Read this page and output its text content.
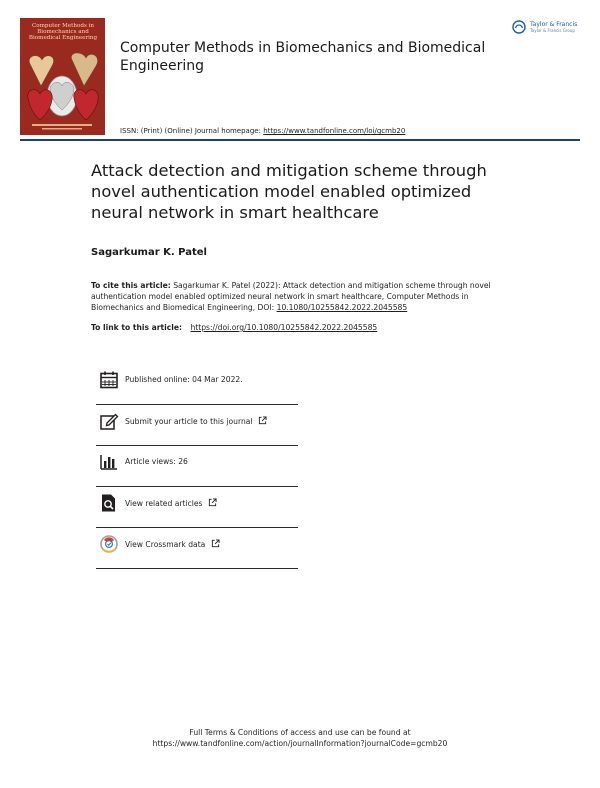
Computer Methods in Biomechanics and Biomedical Engineering
Computer Methods in Biomechanics and Biomedical Engineering
ISSN: (Print) (Online) Journal homepage: https://www.tandfonline.com/loi/gcmb20
Taylor & Francis
Taylor & Francis Group
Attack detection and mitigation scheme through novel authentication model enabled optimized neural network in smart healthcare
Sagarkumar K. Patel
To cite this article: Sagarkumar K. Patel (2022): Attack detection and mitigation scheme through novel authentication model enabled optimized neural network in smart healthcare, Computer Methods in Biomechanics and Biomedical Engineering, DOI: 10.1080/10255842.2022.2045585
To link to this article: https://doi.org/10.1080/10255842.2022.2045585
Published online: 04 Mar 2022.
Submit your article to this journal
Article views: 26
View related articles
View Crossmark data
Full Terms & Conditions of access and use can be found at
https://www.tandfonline.com/action/journalInformation?journalCode=gcmb20
